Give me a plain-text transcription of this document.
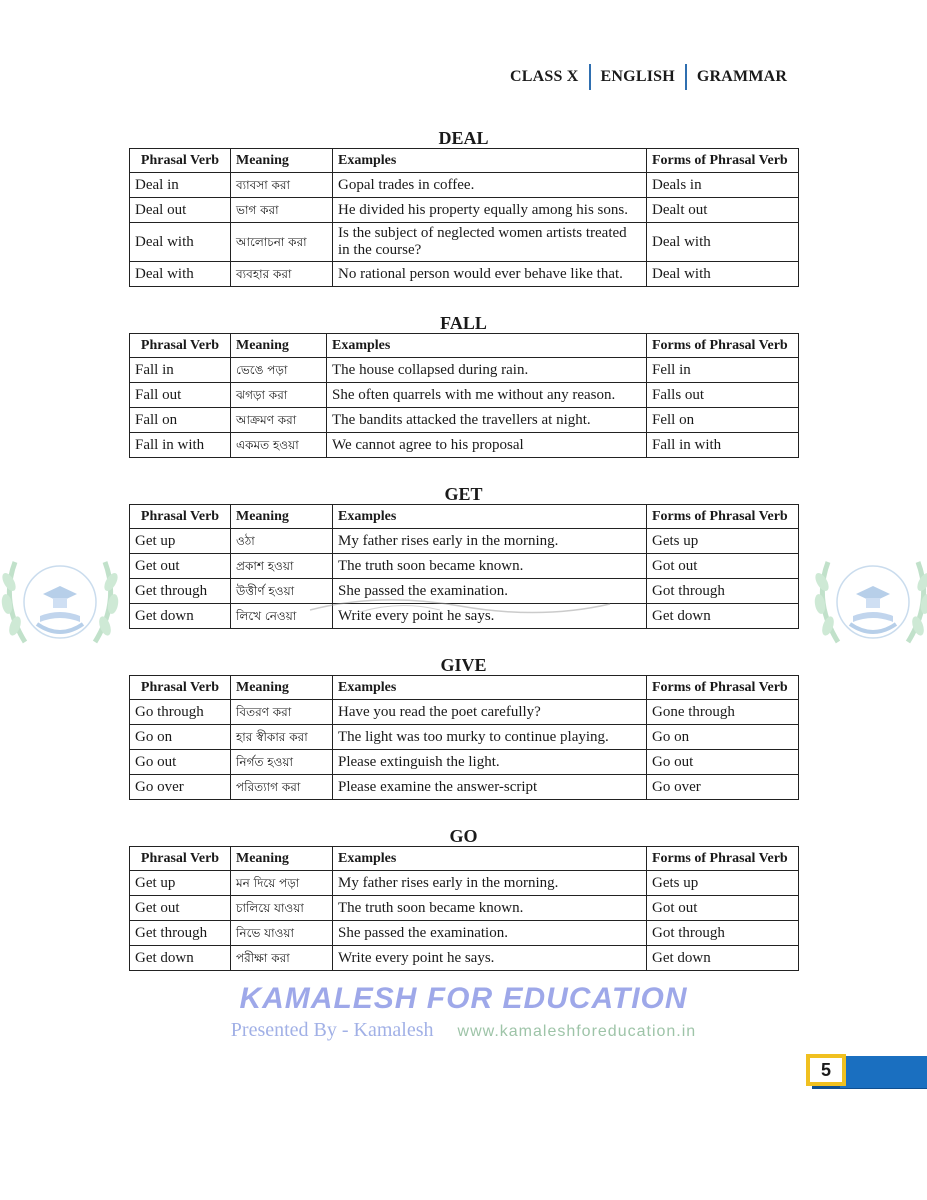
CLASS X ENGLISH GRAMMAR
DEAL
Phrasal Verb	Meaning	Examples	Forms of Phrasal Verb
Deal in	ব্যাবসা করা	Gopal trades in coffee.	Deals in
Deal out	ভাগ করা	He divided his property equally among his sons.	Dealt out
Deal with	আলোচনা করা	Is the subject of neglected women artists treated in the course?	Deal with
Deal with	ব্যবহার করা	No rational person would ever behave like that.	Deal with
FALL
Phrasal Verb	Meaning	Examples	Forms of Phrasal Verb
Fall in	ভেঙে পড়া	The house collapsed during rain.	Fell in
Fall out	ঝগড়া করা	She often quarrels with me without any reason.	Falls out
Fall on	আক্রমণ করা	The bandits attacked the travellers at night.	Fell on
Fall in with	একমত হওয়া	We cannot agree to his proposal	Fall in with
GET
Phrasal Verb	Meaning	Examples	Forms of Phrasal Verb
Get up	ওঠা	My father rises early in the morning.	Gets up
Get out	প্রকাশ হওয়া	The truth soon became known.	Got out
Get through	উত্তীর্ণ হওয়া	She passed the examination.	Got through
Get down	লিখে নেওয়া	Write every point he says.	Get down
GIVE
Phrasal Verb	Meaning	Examples	Forms of Phrasal Verb
Go through	বিতরণ করা	Have you read the poet carefully?	Gone through
Go on	হার স্বীকার করা	The light was too murky to continue playing.	Go on
Go out	নির্গত হওয়া	Please extinguish the light.	Go out
Go over	পরিত্যাগ করা	Please examine the answer-script	Go over
GO
Phrasal Verb	Meaning	Examples	Forms of Phrasal Verb
Get up	মন দিয়ে পড়া	My father rises early in the morning.	Gets up
Get out	চালিয়ে যাওয়া	The truth soon became known.	Got out
Get through	নিভে যাওয়া	She passed the examination.	Got through
Get down	পরীক্ষা করা	Write every point he says.	Get down
KAMALESH FOR EDUCATION
Presented By - Kamalesh www.kamaleshforeducation.in
5
